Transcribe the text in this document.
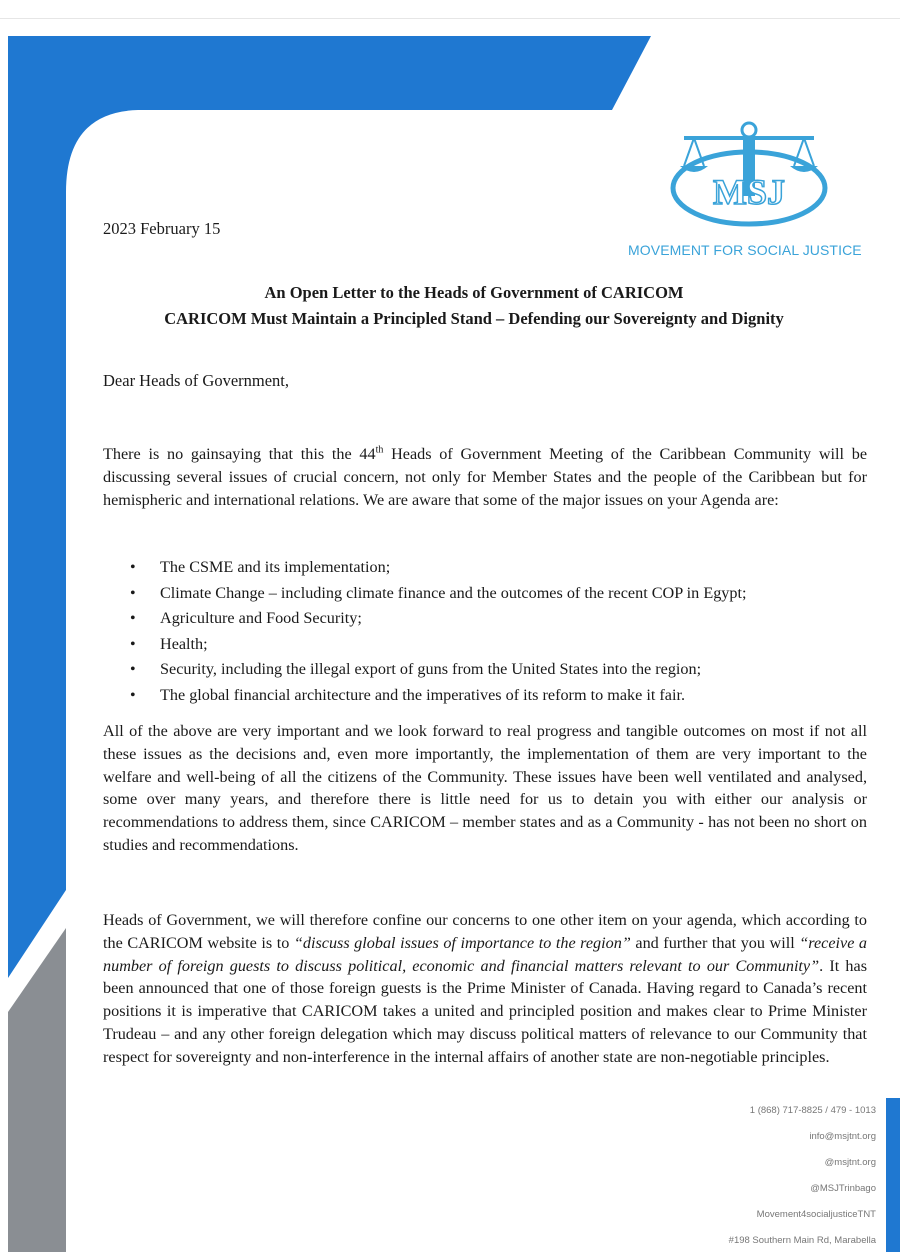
MSJ
MOVEMENT FOR SOCIAL JUSTICE
2023 February 15
An Open Letter to the Heads of Government of CARICOM
CARICOM Must Maintain a Principled Stand – Defending our Sovereignty and Dignity
Dear Heads of Government,
There is no gainsaying that this the 44th Heads of Government Meeting of the Caribbean Community will be discussing several issues of crucial concern, not only for Member States and the people of the Caribbean but for hemispheric and international relations. We are aware that some of the major issues on your Agenda are:
• The CSME and its implementation;
• Climate Change – including climate finance and the outcomes of the recent COP in Egypt;
• Agriculture and Food Security;
• Health;
• Security, including the illegal export of guns from the United States into the region;
• The global financial architecture and the imperatives of its reform to make it fair.
All of the above are very important and we look forward to real progress and tangible outcomes on most if not all these issues as the decisions and, even more importantly, the implementation of them are very important to the welfare and well-being of all the citizens of the Community. These issues have been well ventilated and analysed, some over many years, and therefore there is little need for us to detain you with either our analysis or recommendations to address them, since CARICOM – member states and as a Community - has not been no short on studies and recommendations.
Heads of Government, we will therefore confine our concerns to one other item on your agenda, which according to the CARICOM website is to “discuss global issues of importance to the region” and further that you will “receive a number of foreign guests to discuss political, economic and financial matters relevant to our Community”. It has been announced that one of those foreign guests is the Prime Minister of Canada. Having regard to Canada’s recent positions it is imperative that CARICOM takes a united and principled position and makes clear to Prime Minister Trudeau – and any other foreign delegation which may discuss political matters of relevance to our Community that respect for sovereignty and non-interference in the internal affairs of another state are non-negotiable principles.
1 (868) 717-8825 / 479 - 1013
info@msjtnt.org
@msjtnt.org
@MSJTrinbago
Movement4socialjusticeTNT
#198 Southern Main Rd, Marabella
